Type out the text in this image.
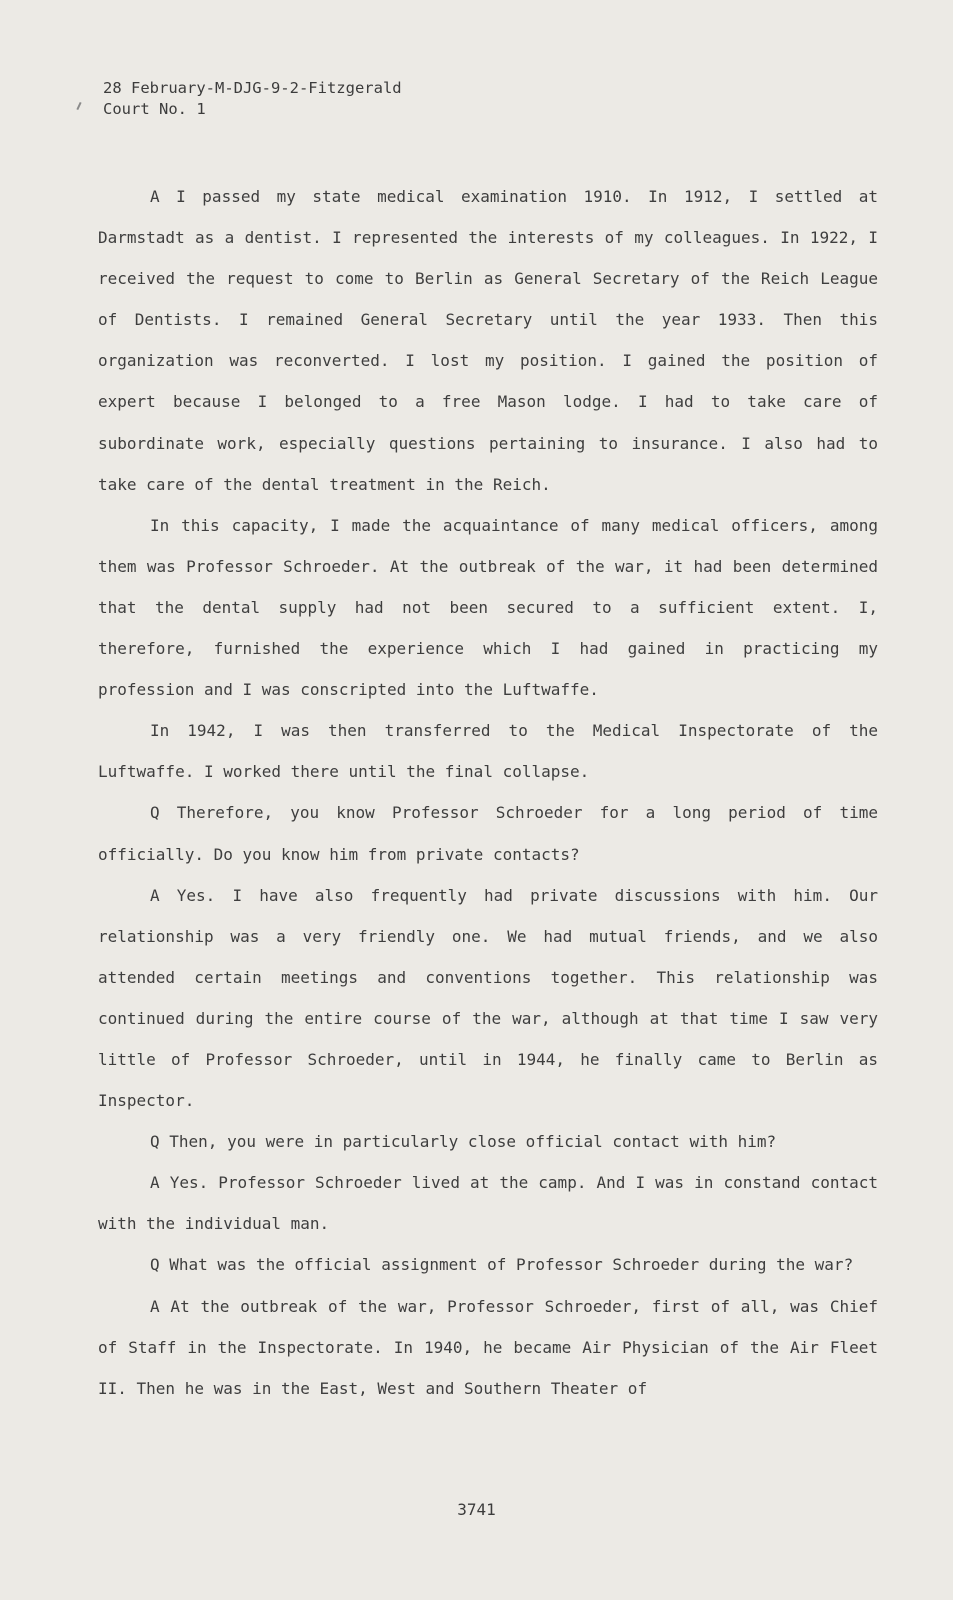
28 February-M-DJG-9-2-Fitzgerald
Court No. 1

A I passed my state medical examination 1910. In 1912, I settled at Darmstadt as a dentist. I represented the interests of my colleagues. In 1922, I received the request to come to Berlin as General Secretary of the Reich League of Dentists. I remained General Secretary until the year 1933. Then this organization was reconverted. I lost my position. I gained the position of expert because I belonged to a free Mason lodge. I had to take care of subordinate work, especially questions pertaining to insurance. I also had to take care of the dental treatment in the Reich.

In this capacity, I made the acquaintance of many medical officers, among them was Professor Schroeder. At the outbreak of the war, it had been determined that the dental supply had not been secured to a sufficient extent. I, therefore, furnished the experience which I had gained in practicing my profession and I was conscripted into the Luftwaffe.

In 1942, I was then transferred to the Medical Inspectorate of the Luftwaffe. I worked there until the final collapse.

Q Therefore, you know Professor Schroeder for a long period of time officially. Do you know him from private contacts?

A Yes. I have also frequently had private discussions with him. Our relationship was a very friendly one. We had mutual friends, and we also attended certain meetings and conventions together. This relationship was continued during the entire course of the war, although at that time I saw very little of Professor Schroeder, until in 1944, he finally came to Berlin as Inspector.

Q Then, you were in particularly close official contact with him?

A Yes. Professor Schroeder lived at the camp. And I was in constand contact with the individual man.

Q What was the official assignment of Professor Schroeder during the war?

A At the outbreak of the war, Professor Schroeder, first of all, was Chief of Staff in the Inspectorate. In 1940, he became Air Physician of the Air Fleet II. Then he was in the East, West and Southern Theater of

3741
